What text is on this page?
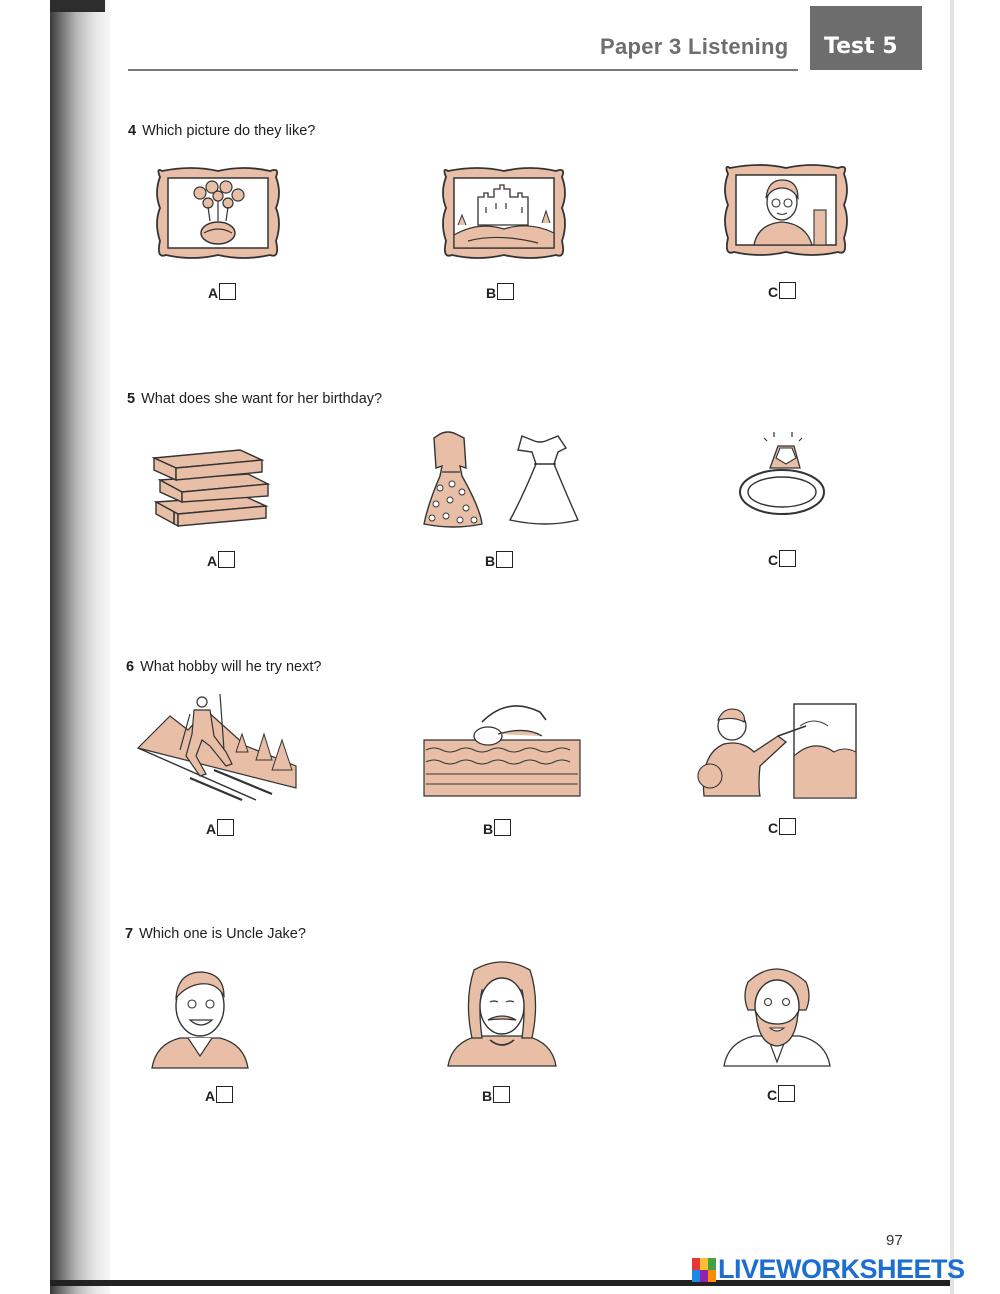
Paper 3 Listening Test 5
4 Which picture do they like?
A	B	C
5 What does she want for her birthday?
A	B	C
6 What hobby will he try next?
A	B	C
7 Which one is Uncle Jake?
A	B	C
97
LIVEWORKSHEETS
